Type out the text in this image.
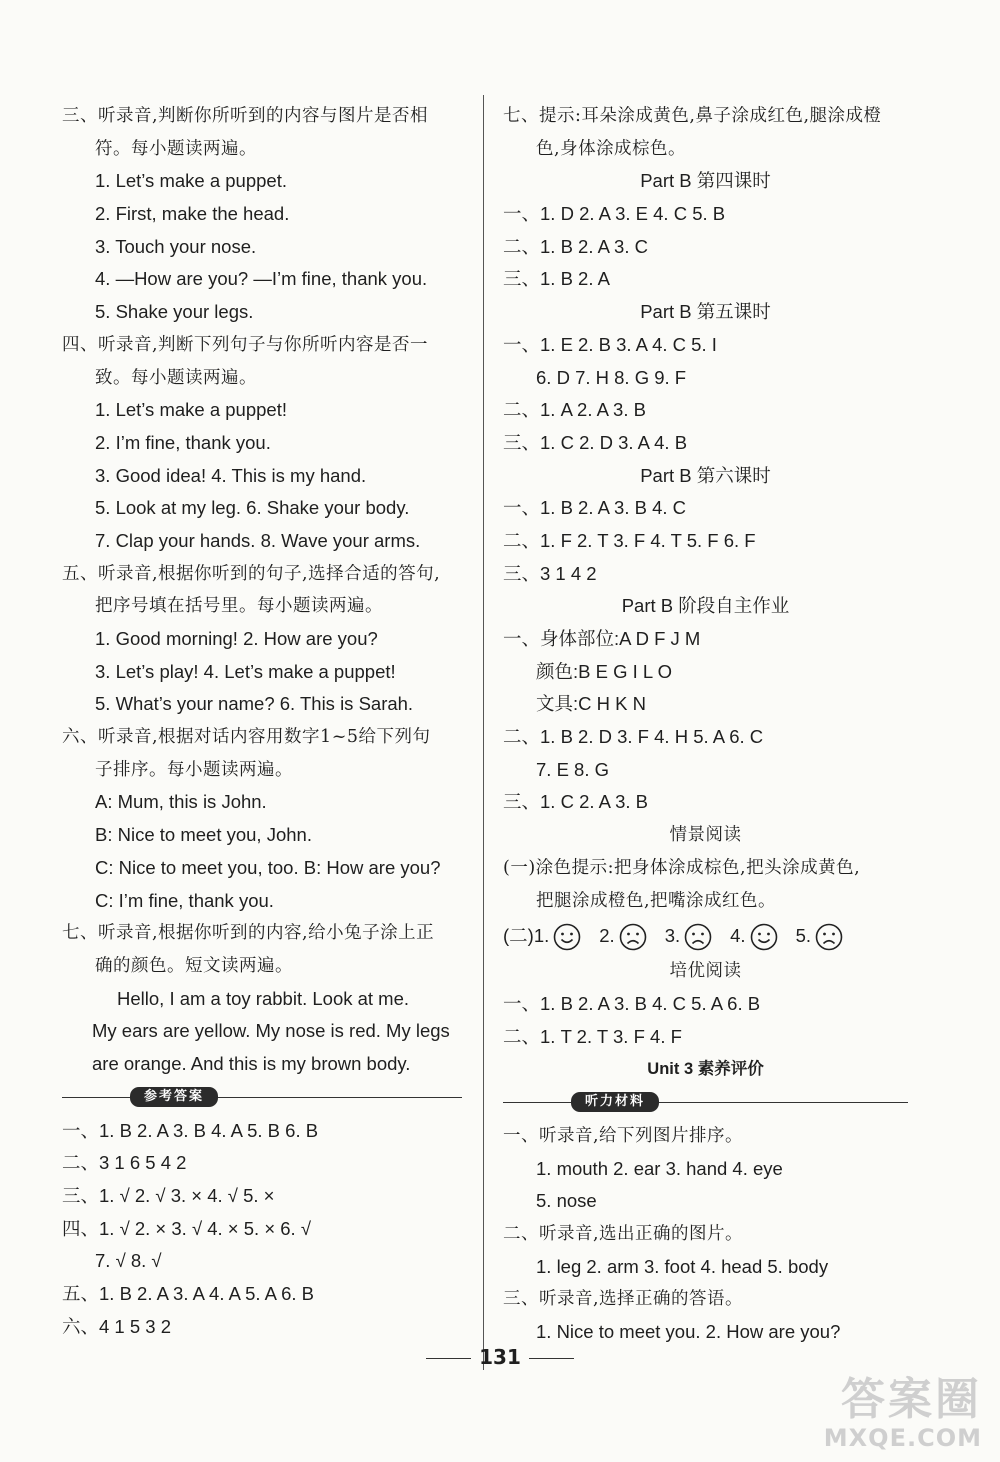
三、听录音,判断你所听到的内容与图片是否相
符。每小题读两遍。
1. Let’s make a puppet.
2. First, make the head.
3. Touch your nose.
4. —How are you? —I’m fine, thank you.
5. Shake your legs.
四、听录音,判断下列句子与你所听内容是否一
致。每小题读两遍。
1. Let’s make a puppet!
2. I’m fine, thank you.
3. Good idea! 4. This is my hand.
5. Look at my leg. 6. Shake your body.
7. Clap your hands. 8. Wave your arms.
五、听录音,根据你听到的句子,选择合适的答句,
把序号填在括号里。每小题读两遍。
1. Good morning! 2. How are you?
3. Let’s play! 4. Let’s make a puppet!
5. What’s your name? 6. This is Sarah.
六、听录音,根据对话内容用数字1~5给下列句
子排序。每小题读两遍。
A: Mum, this is John.
B: Nice to meet you, John.
C: Nice to meet you, too. B: How are you?
C: I’m fine, thank you.
七、听录音,根据你听到的内容,给小兔子涂上正
确的颜色。短文读两遍。
Hello, I am a toy rabbit. Look at me.
My ears are yellow. My nose is red. My legs
are orange. And this is my brown body.
参考答案
一、1. B 2. A 3. B 4. A 5. B 6. B
二、3 1 6 5 4 2
三、1. √ 2. √ 3. × 4. √ 5. ×
四、1. √ 2. × 3. √ 4. × 5. × 6. √
7. √ 8. √
五、1. B 2. A 3. A 4. A 5. A 6. B
六、4 1 5 3 2
七、提示:耳朵涂成黄色,鼻子涂成红色,腿涂成橙
色,身体涂成棕色。
Part B 第四课时
一、1. D 2. A 3. E 4. C 5. B
二、1. B 2. A 3. C
三、1. B 2. A
Part B 第五课时
一、1. E 2. B 3. A 4. C 5. I
6. D 7. H 8. G 9. F
二、1. A 2. A 3. B
三、1. C 2. D 3. A 4. B
Part B 第六课时
一、1. B 2. A 3. B 4. C
二、1. F 2. T 3. F 4. T 5. F 6. F
三、3 1 4 2
Part B 阶段自主作业
一、身体部位:A D F J M
颜色:B E G I L O
文具:C H K N
二、1. B 2. D 3. F 4. H 5. A 6. C
7. E 8. G
三、1. C 2. A 3. B
情景阅读
(一)涂色提示:把身体涂成棕色,把头涂成黄色,
把腿涂成橙色,把嘴涂成红色。
(二)1.	2.	3.	4.	5.
培优阅读
一、1. B 2. A 3. B 4. C 5. A 6. B
二、1. T 2. T 3. F 4. F
Unit 3 素养评价
听力材料
一、听录音,给下列图片排序。
1. mouth 2. ear 3. hand 4. eye
5. nose
二、听录音,选出正确的图片。
1. leg 2. arm 3. foot 4. head 5. body
三、听录音,选择正确的答语。
1. Nice to meet you. 2. How are you?
131
答案圈
MXQE.COM
